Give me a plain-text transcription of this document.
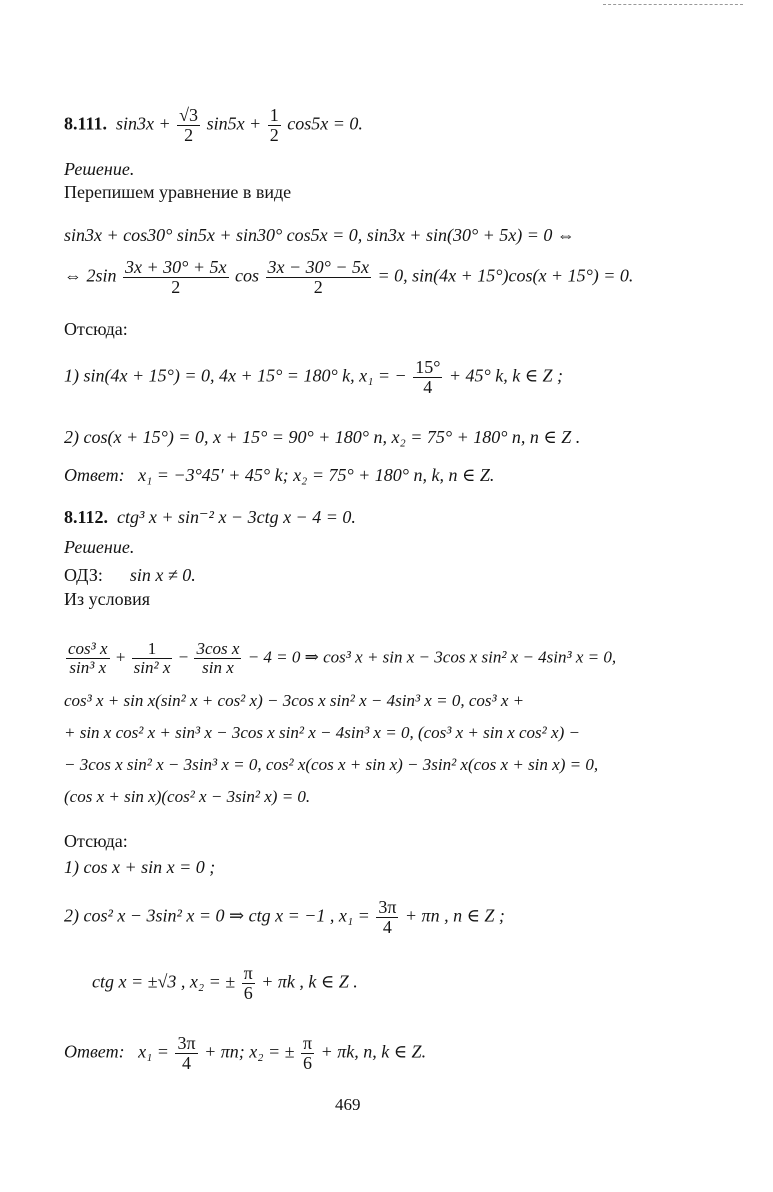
8.111. $\sin 3x + \frac{√3}{2} \sin 5x + \frac{1}{2} \cos 5x = 0$.
Решение.
Перепишем уравнение в виде
sin3x + cos30° sin5x + sin30° cos5x = 0, sin3x + sin(30° + 5x) = 0 ⇔
⇔ $2\sin \frac{3x + 30^\circ + 5x}{2}$ $\cos \frac{3x - 30^\circ - 5x}{2} = 0$, sin(4x + 15°)cos(x + 15°) = 0.
Отсюда:
1) sin(4x + 15°) = 0, 4x + 15° = 180° k, x₁ = − $\frac{15^\circ}{4} + 45^\circ$ k, k ∈ Z ;
2) cos(x + 15°) = 0, x + 15° = 90° + 180° n, x₂ = 75° + 180° n, n ∈ Z .
Ответ: x₁ = −3°45′ + 45° k; x₂ = 75° + 180° n, k, n ∈ Z.
8.112. ctg³ x + sin⁻² x − 3ctg x − 4 = 0.
Решение.
ОДЗ: sin x ≠ 0.
Из условия
$\frac{\text{cos³ x}}{\text{sin³ x}} + \frac{1}{\text{sin² x}} - \frac{\text{3cos x}}{\text{sin x}} - 4 = 0$ ⇒ cos³ x + sin x − 3cos x sin² x − 4sin³ x = 0,
cos³ x + sin x(sin² x + cos² x) − 3cos x sin² x − 4sin³ x = 0, cos³ x +
+ sin x cos² x + sin³ x − 3cos x sin² x − 4sin³ x = 0, (cos³ x + sin x cos² x) −
− 3cos x sin² x − 3sin³ x = 0, cos² x(cos x + sin x) − 3sin² x(cos x + sin x) = 0,
(cos x + sin x)(cos² x − 3sin² x) = 0.
Отсюда:
1) cos x + sin x = 0 ;
2) cos² x − 3sin² x = 0 ⇒ ctg x = −1 , $x_1 = \frac{3\pi}{4} + \pi n$ , n ∈ Z ;
ctg x = ±√3 , x₂ = ± $\frac{\pi}{6} + \pi k$ , k ∈ Z .
Ответ: $x_1 = \frac{3\pi}{4} + \pi n$; x₂ = ± $\frac{\pi}{6} + \pi k$, n, k ∈ Z.
469
